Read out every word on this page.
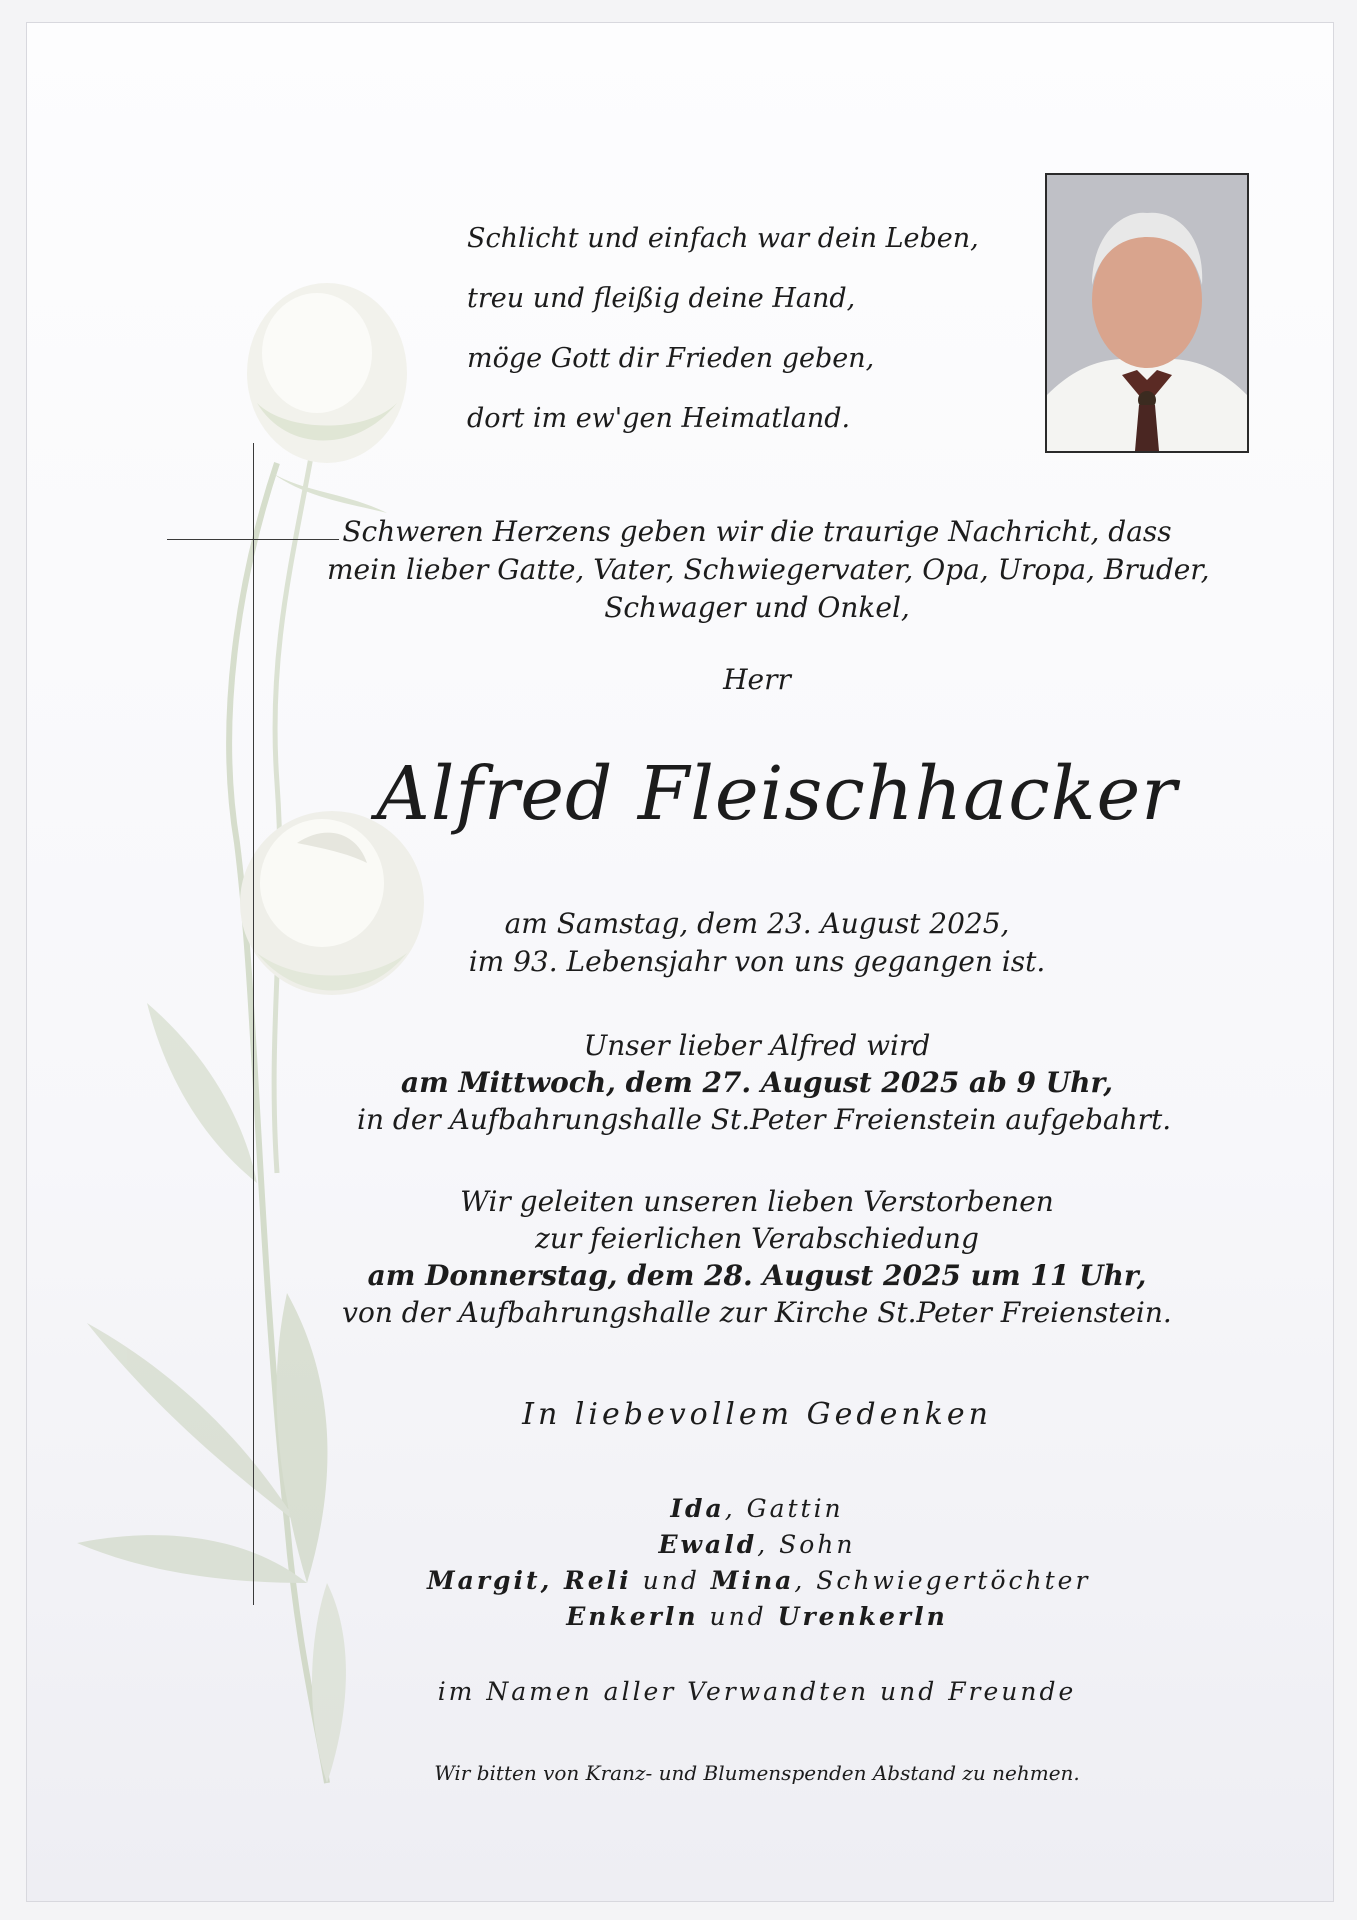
Schlicht und einfach war dein Leben,
treu und fleißig deine Hand,
möge Gott dir Frieden geben,
dort im ew'gen Heimatland.
Schweren Herzens geben wir die traurige Nachricht, dass
mein lieber Gatte, Vater, Schwiegervater, Opa, Uropa, Bruder,
Schwager und Onkel,
Herr
Alfred Fleischhacker
am Samstag, dem 23. August 2025,
im 93. Lebensjahr von uns gegangen ist.
Unser lieber Alfred wird
am Mittwoch, dem 27. August 2025 ab 9 Uhr,
in der Aufbahrungshalle St.Peter Freienstein aufgebahrt.
Wir geleiten unseren lieben Verstorbenen
zur feierlichen Verabschiedung
am Donnerstag, dem 28. August 2025 um 11 Uhr,
von der Aufbahrungshalle zur Kirche St.Peter Freienstein.
In liebevollem Gedenken
Ida, Gattin
Ewald, Sohn
Margit, Reli und Mina, Schwiegertöchter
Enkerln und Urenkerln
im Namen aller Verwandten und Freunde
Wir bitten von Kranz- und Blumenspenden Abstand zu nehmen.
